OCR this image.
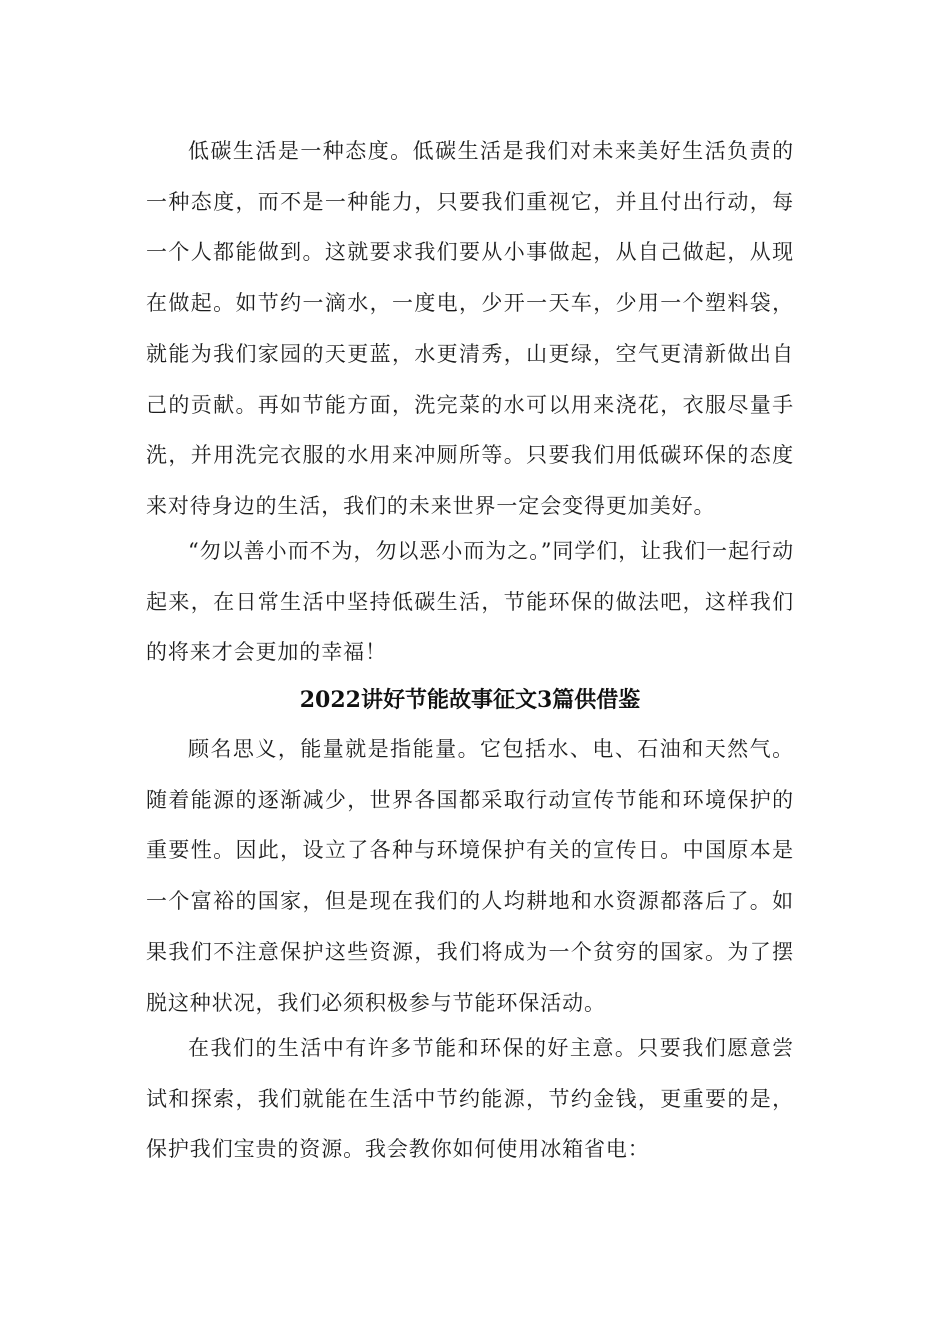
低碳生活是一种态度。低碳生活是我们对未来美好生活负责的一种态度，而不是一种能力，只要我们重视它，并且付出行动，每一个人都能做到。这就要求我们要从小事做起，从自己做起，从现在做起。如节约一滴水，一度电，少开一天车，少用一个塑料袋，就能为我们家园的天更蓝，水更清秀，山更绿，空气更清新做出自己的贡献。再如节能方面，洗完菜的水可以用来浇花，衣服尽量手洗，并用洗完衣服的水用来冲厕所等。只要我们用低碳环保的态度来对待身边的生活，我们的未来世界一定会变得更加美好。

“勿以善小而不为，勿以恶小而为之。”同学们，让我们一起行动起来，在日常生活中坚持低碳生活，节能环保的做法吧，这样我们的将来才会更加的幸福！

2022讲好节能故事征文3篇供借鉴

顾名思义，能量就是指能量。它包括水、电、石油和天然气。随着能源的逐渐减少，世界各国都采取行动宣传节能和环境保护的重要性。因此，设立了各种与环境保护有关的宣传日。中国原本是一个富裕的国家，但是现在我们的人均耕地和水资源都落后了。如果我们不注意保护这些资源，我们将成为一个贫穷的国家。为了摆脱这种状况，我们必须积极参与节能环保活动。

在我们的生活中有许多节能和环保的好主意。只要我们愿意尝试和探索，我们就能在生活中节约能源，节约金钱，更重要的是，保护我们宝贵的资源。我会教你如何使用冰箱省电：
